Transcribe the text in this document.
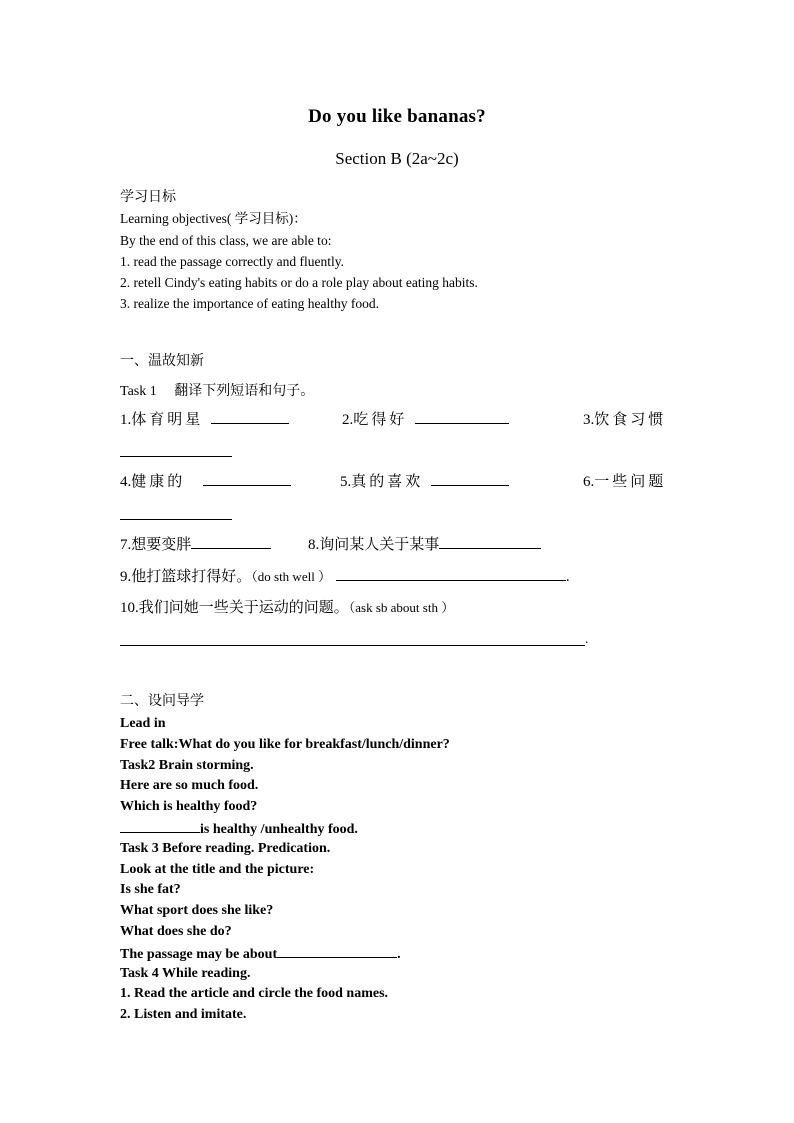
Do you like bananas?
Section B (2a~2c)
学习日标
Learning objectives( 学习目标)：
By the end of this class, we are able to:
1. read the passage correctly and fluently.
2. retell Cindy's eating habits or do a role play about eating habits.
3. realize the importance of eating healthy food.
一、温故知新
Task 1 翻译下列短语和句子。
1.体育明星	2.吃得好	3.饮食习惯
4.健康的	5.真的喜欢	6.一些问题
7.想要变胖	8.询问某人关于某事
9.他打篮球打得好。（do sth well ）	.
10.我们问她一些关于运动的问题。（ask sb about sth ）
.
二、设问导学
Lead in
Free talk:What do you like for breakfast/lunch/dinner?
Task2 Brain storming.
Here are so much food.
Which is healthy food?
is healthy /unhealthy food.
Task 3 Before reading. Predication.
Look at the title and the picture:
Is she fat?
What sport does she like?
What does she do?
The passage may be about	.
Task 4 While reading.
1. Read the article and circle the food names.
2. Listen and imitate.
